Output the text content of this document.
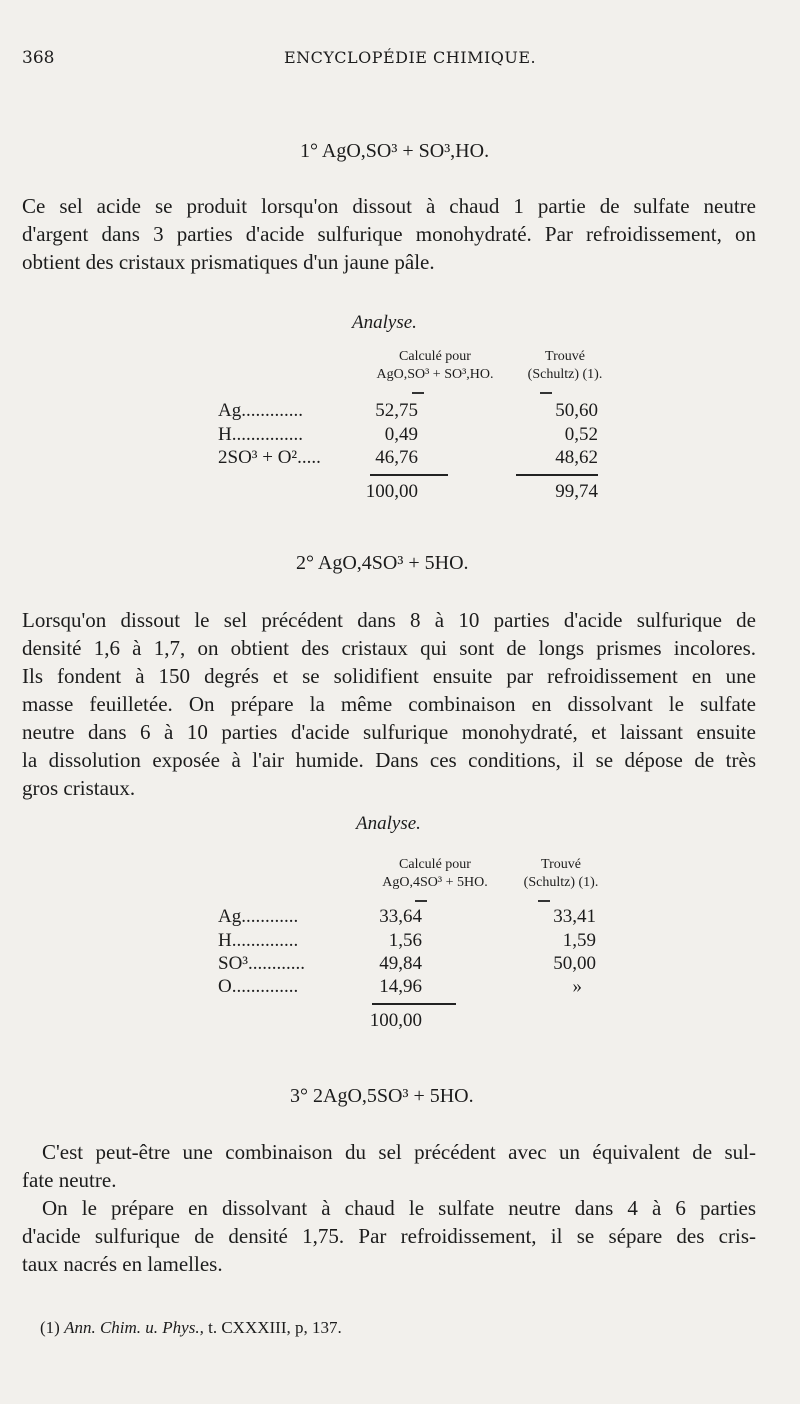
368	ENCYCLOPÉDIE CHIMIQUE.
1° AgO,SO³ + SO³,HO.

Ce sel acide se produit lorsqu'on dissout à chaud 1 partie de sulfate neutre
d'argent dans 3 parties d'acide sulfurique monohydraté. Par refroidissement, on
obtient des cristaux prismatiques d'un jaune pâle.

Analyse.
Calculé pour
AgO,SO³ + SO³,HO.
Trouvé
(Schultz) (1).
Ag.............	52,75	50,60
H...............	0,49	0,52
2SO³ + O².....	46,76	48,62
100,00	99,74
2° AgO,4SO³ + 5HO.

Lorsqu'on dissout le sel précédent dans 8 à 10 parties d'acide sulfurique de
densité 1,6 à 1,7, on obtient des cristaux qui sont de longs prismes incolores.
Ils fondent à 150 degrés et se solidifient ensuite par refroidissement en une
masse feuilletée. On prépare la même combinaison en dissolvant le sulfate
neutre dans 6 à 10 parties d'acide sulfurique monohydraté, et laissant ensuite
la dissolution exposée à l'air humide. Dans ces conditions, il se dépose de très
gros cristaux.

Analyse.
Calculé pour
AgO,4SO³ + 5HO.
Trouvé
(Schultz) (1).
Ag............	33,64	33,41
H..............	1,56	1,59
SO³............	49,84	50,00
O..............	14,96	»
100,00
3° 2AgO,5SO³ + 5HO.

C'est peut-être une combinaison du sel précédent avec un équivalent de sul-
fate neutre.

On le prépare en dissolvant à chaud le sulfate neutre dans 4 à 6 parties
d'acide sulfurique de densité 1,75. Par refroidissement, il se sépare des cris-
taux nacrés en lamelles.

(1) Ann. Chim. u. Phys., t. CXXXIII, p, 137.
